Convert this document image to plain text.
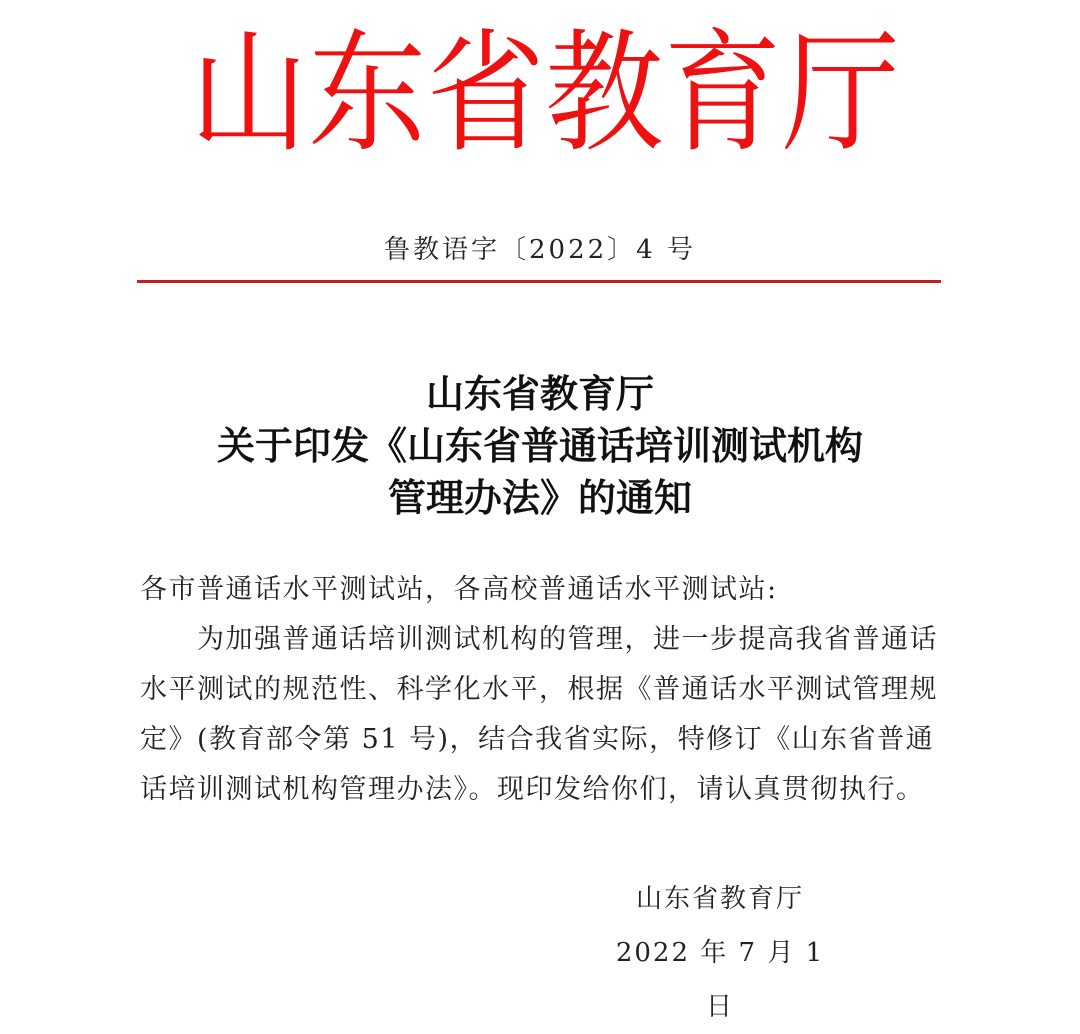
山 东 省 教 育 厅
鲁教语字〔2022〕4 号
山东省教育厅
关于印发《山东省普通话培训测试机构
管理办法》的通知
各市普通话水平测试站，各高校普通话水平测试站:
　　为加强普通话培训测试机构的管理，进一步提高我省普通话
水平测试的规范性、科学化水平，根据《普通话水平测试管理规
定》(教育部令第 51 号)，结合我省实际，特修订《山东省普通
话培训测试机构管理办法》。现印发给你们，请认真贯彻执行。
山东省教育厅
2022 年 7 月 1 日
